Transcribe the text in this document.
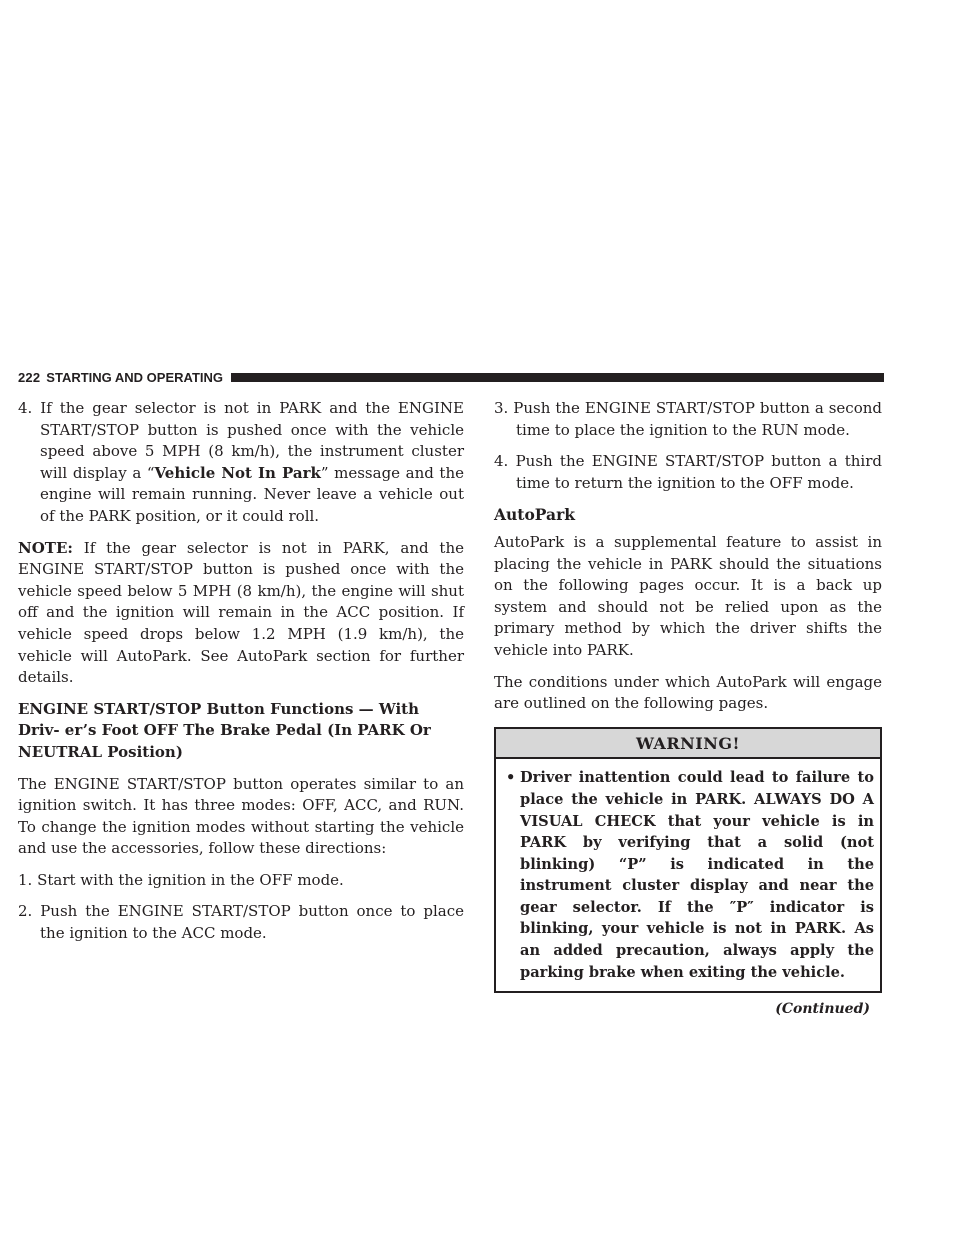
222 STARTING AND OPERATING

4. If the gear selector is not in PARK and the ENGINE START/STOP button is pushed once with the vehicle speed above 5 MPH (8 km/h), the instrument cluster will display a “Vehicle Not In Park” message and the engine will remain running. Never leave a vehicle out of the PARK position, or it could roll.

NOTE: If the gear selector is not in PARK, and the ENGINE START/STOP button is pushed once with the vehicle speed below 5 MPH (8 km/h), the engine will shut off and the ignition will remain in the ACC position. If vehicle speed drops below 1.2 MPH (1.9 km/h), the vehicle will AutoPark. See AutoPark section for further details.

ENGINE START/STOP Button Functions — With Driv- er’s Foot OFF The Brake Pedal (In PARK Or NEUTRAL Position)

The ENGINE START/STOP button operates similar to an ignition switch. It has three modes: OFF, ACC, and RUN. To change the ignition modes without starting the vehicle and use the accessories, follow these directions:

1. Start with the ignition in the OFF mode.

2. Push the ENGINE START/STOP button once to place the ignition to the ACC mode.

3. Push the ENGINE START/STOP button a second time to place the ignition to the RUN mode.

4. Push the ENGINE START/STOP button a third time to return the ignition to the OFF mode.

AutoPark

AutoPark is a supplemental feature to assist in placing the vehicle in PARK should the situations on the following pages occur. It is a back up system and should not be relied upon as the primary method by which the driver shifts the vehicle into PARK.

The conditions under which AutoPark will engage are outlined on the following pages.

WARNING!
• Driver inattention could lead to failure to place the vehicle in PARK. ALWAYS DO A VISUAL CHECK that your vehicle is in PARK by verifying that a solid (not blinking) “P” is indicated in the instrument cluster display and near the gear selector. If the ″P″ indicator is blinking, your vehicle is not in PARK. As an added precaution, always apply the parking brake when exiting the vehicle.
(Continued)
